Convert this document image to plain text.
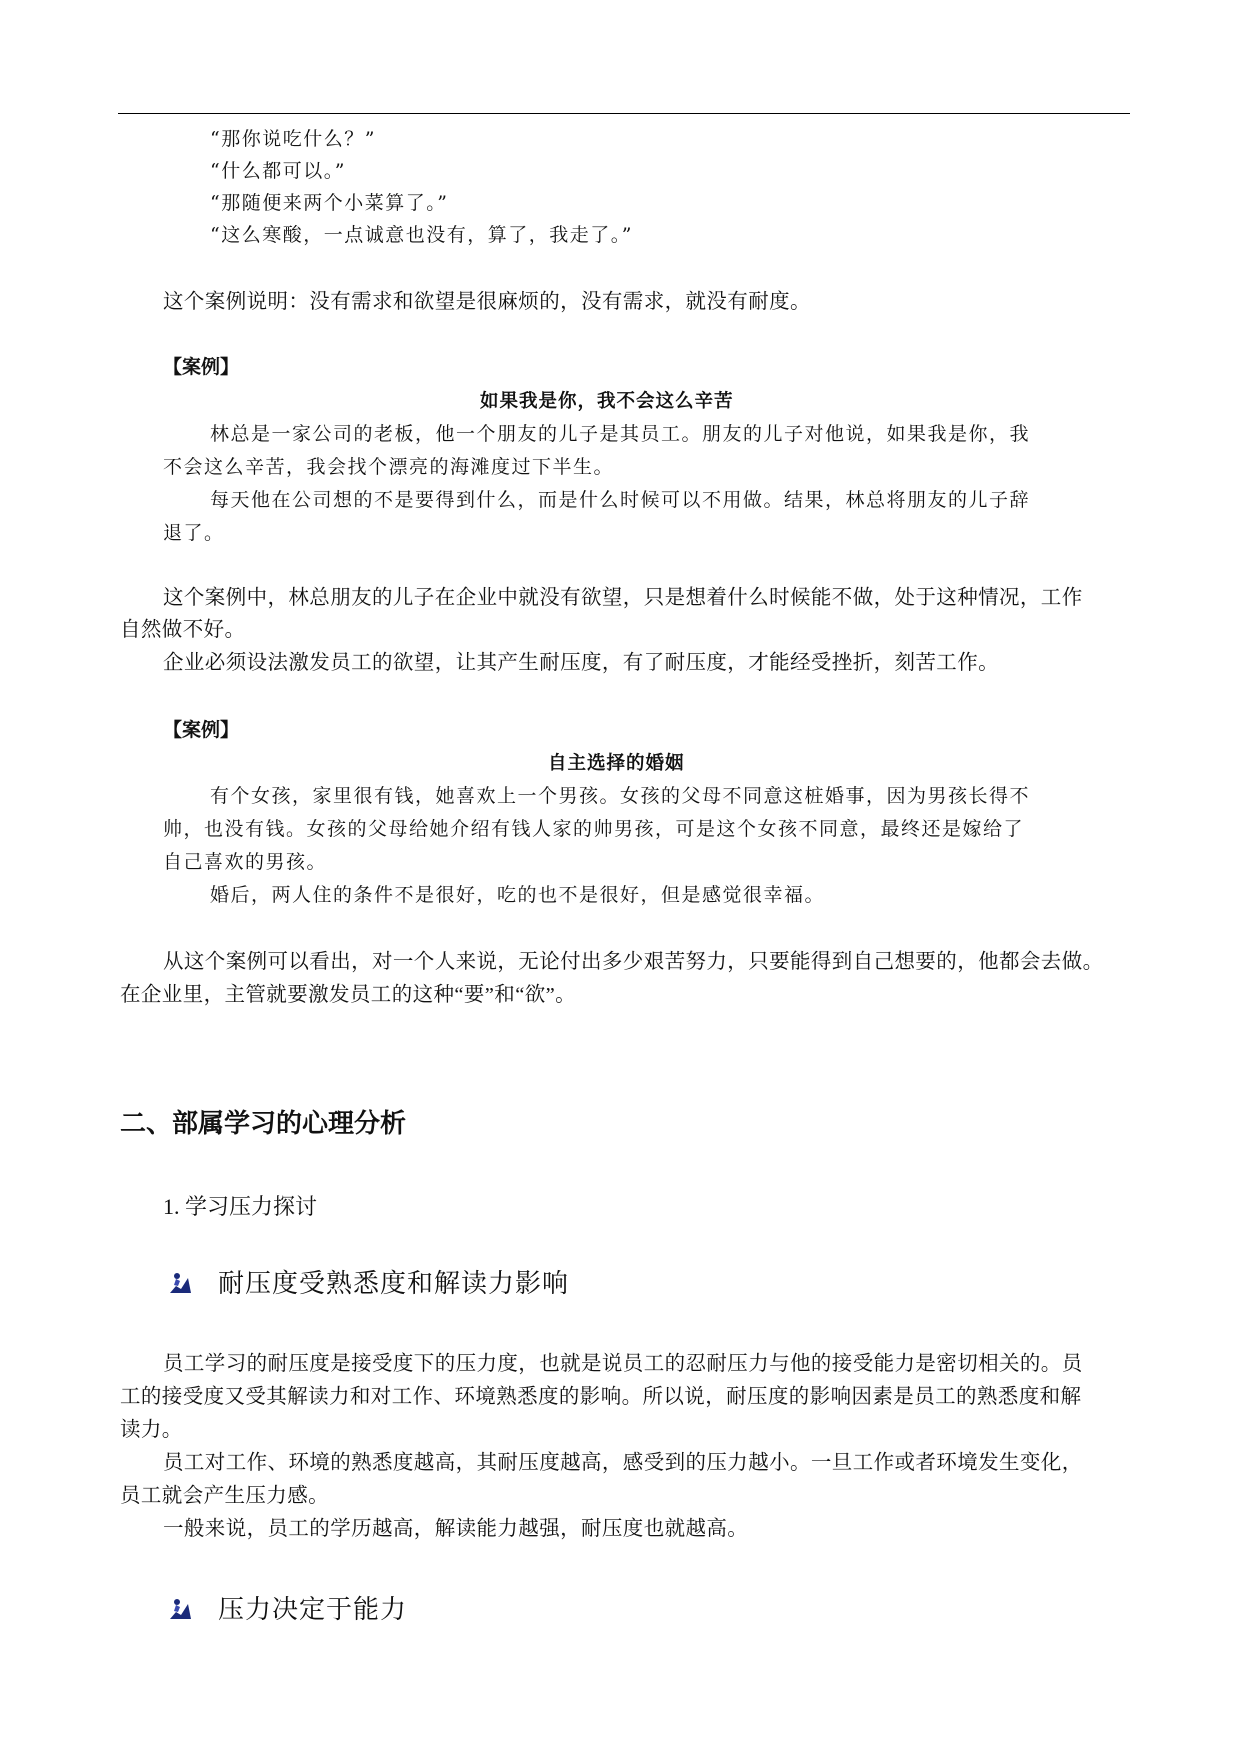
“那你说吃什么？”
“什么都可以。”
“那随便来两个小菜算了。”
“这么寒酸，一点诚意也没有，算了，我走了。”
这个案例说明：没有需求和欲望是很麻烦的，没有需求，就没有耐度。
【案例】
如果我是你，我不会这么辛苦
林总是一家公司的老板，他一个朋友的儿子是其员工。朋友的儿子对他说，如果我是你，我
不会这么辛苦，我会找个漂亮的海滩度过下半生。
每天他在公司想的不是要得到什么，而是什么时候可以不用做。结果，林总将朋友的儿子辞
退了。
这个案例中，林总朋友的儿子在企业中就没有欲望，只是想着什么时候能不做，处于这种情况，工作
自然做不好。
企业必须设法激发员工的欲望，让其产生耐压度，有了耐压度，才能经受挫折，刻苦工作。
【案例】
自主选择的婚姻
有个女孩，家里很有钱，她喜欢上一个男孩。女孩的父母不同意这桩婚事，因为男孩长得不
帅，也没有钱。女孩的父母给她介绍有钱人家的帅男孩，可是这个女孩不同意，最终还是嫁给了
自己喜欢的男孩。
婚后，两人住的条件不是很好，吃的也不是很好，但是感觉很幸福。
从这个案例可以看出，对一个人来说，无论付出多少艰苦努力，只要能得到自己想要的，他都会去做。
在企业里，主管就要激发员工的这种“要”和“欲”。
二、部属学习的心理分析
1. 学习压力探讨
耐压度受熟悉度和解读力影响
员工学习的耐压度是接受度下的压力度，也就是说员工的忍耐压力与他的接受能力是密切相关的。员
工的接受度又受其解读力和对工作、环境熟悉度的影响。所以说，耐压度的影响因素是员工的熟悉度和解
读力。
员工对工作、环境的熟悉度越高，其耐压度越高，感受到的压力越小。一旦工作或者环境发生变化，
员工就会产生压力感。
一般来说，员工的学历越高，解读能力越强，耐压度也就越高。
压力决定于能力
